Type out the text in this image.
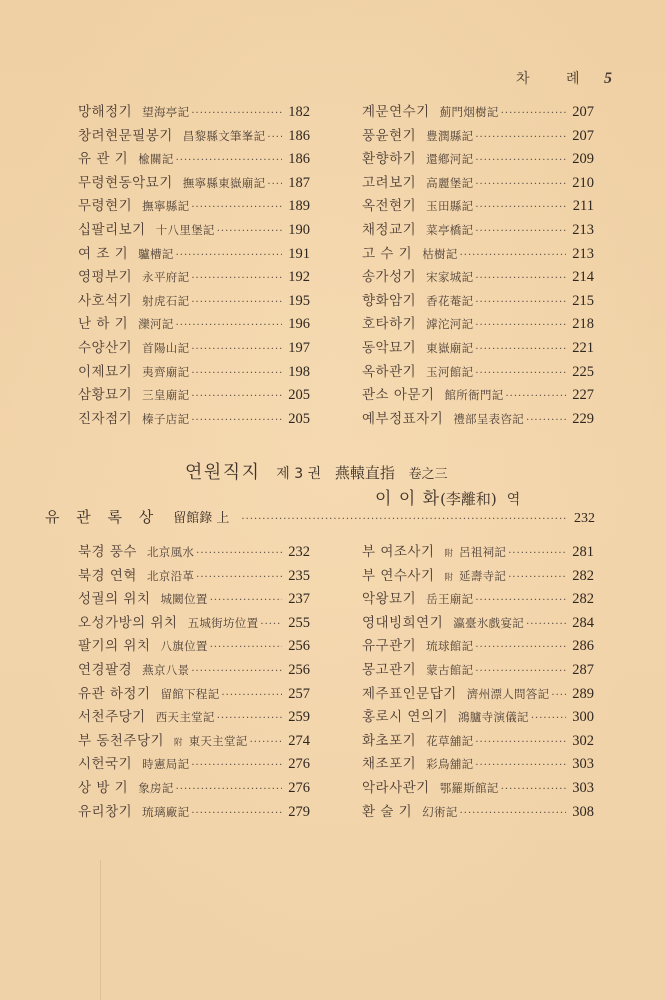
차 례 5
망해정기 望海亭記 ·····	182
창려현문필봉기 昌黎縣文筆峯記 ····· 186
유 관 기 楡關記 ·····	186
무령현동악묘기 撫寧縣東嶽廟記 ····· 187
무령현기 撫寧縣記 ·····	189
십팔리보기 十八里堡記 ·····	190
여 조 기 驢槽記 ·····	191
영평부기 永平府記 ·····	192
사호석기 射虎石記 ·····	195
난 하 기 灤河記 ·····	196
수양산기 首陽山記 ·····	197
이제묘기 夷齊廟記 ·····	198
삼황묘기 三皇廟記 ·····	205
진자점기 榛子店記 ·····	205
계문연수기 薊門烟樹記 ·····	207
풍윤현기 豊潤縣記 ·····	207
환향하기 還鄕河記 ·····	209
고려보기 高麗堡記 ·····	210
옥전현기 玉田縣記 ·····	211
채정교기 菜亭橋記 ·····	213
고 수 기 枯樹記 ·····	213
송가성기 宋家城記 ·····	214
향화암기 香花菴記 ·····	215
호타하기 滹沱河記 ·····	218
동악묘기 東嶽廟記 ·····	221
옥하관기 玉河館記 ·····	225
관소 아문기 館所衙門記 ·····	227
예부정표자기 禮部呈表咨記 ·····	229
연원직지 제 3 권 燕轅直指 卷之三
이 이 화(李離和) 역
유 관 록 상 留館錄 上 ·····	232
북경 풍수 北京風水 ·····	232
북경 연혁 北京沿革 ·····	235
성궐의 위치 城闕位置 ·····	237
오성가방의 위치 五城街坊位置 ····· 255
팔기의 위치 八旗位置 ·····	256
연경팔경 燕京八景 ·····	256
유관 하정기 留館下程記 ·····	257
서천주당기 西天主堂記 ·····	259
부 동천주당기 附 東天主堂記 ·····	274
시헌국기 時憲局記 ·····	276
상 방 기 象房記 ·····	276
유리창기 琉璃廠記 ·····	279
부 여조사기 附 呂祖祠記 ·····	281
부 연수사기 附 延壽寺記 ·····	282
악왕묘기 岳王廟記 ·····	282
영대빙희연기 瀛臺氷戲宴記 ·····	284
유구관기 琉球館記 ·····	286
몽고관기 蒙古館記 ·····	287
제주표인문답기 濟州漂人問答記 ····· 289
홍로시 연의기 鴻臚寺演儀記 ·····	300
화초포기 花草舖記 ·····	302
채조포기 彩鳥舖記 ·····	303
악라사관기 鄂羅斯館記 ·····	303
환 술 기 幻術記 ·····	308
